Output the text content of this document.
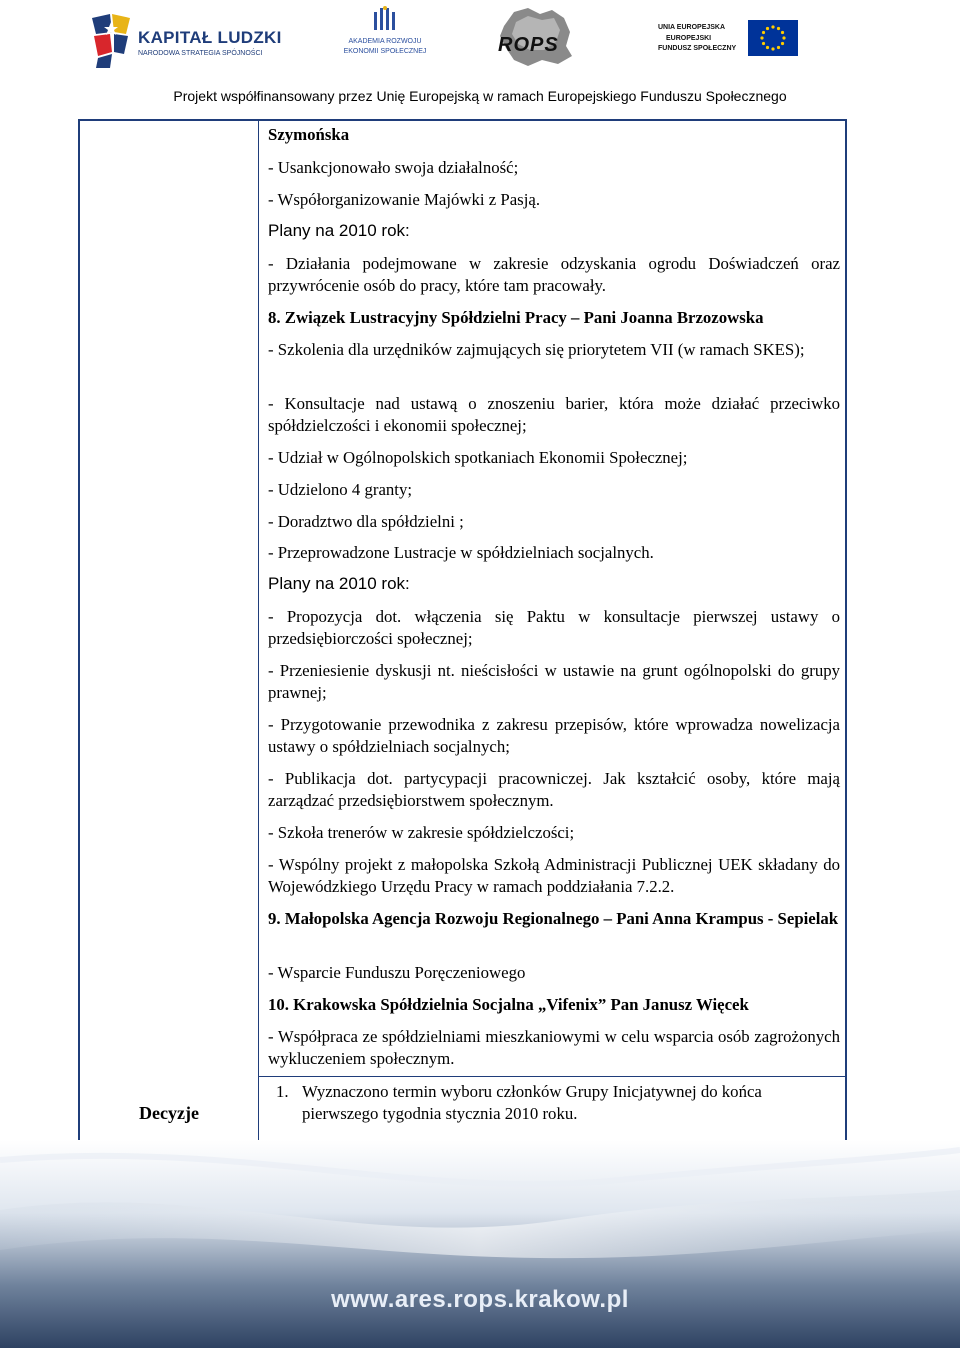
KAPITAŁ LUDZKI
NARODOWA STRATEGIA SPÓJNOŚCI
AKADEMIA ROZWOJU
EKONOMII SPOŁECZNEJ	ROPS
UNIA EUROPEJSKA
EUROPEJSKI
FUNDUSZ SPOŁECZNY
Projekt współfinansowany przez Unię Europejską w ramach Europejskiego Funduszu Społecznego
Decyzje
Szymońska
- Usankcjonowało swoja działalność;
- Współorganizowanie Majówki z Pasją.
Plany na 2010 rok:
- Działania podejmowane w zakresie odzyskania ogrodu Doświadczeń oraz przywrócenie osób do pracy, które tam pracowały.
8. Związek Lustracyjny Spółdzielni Pracy – Pani Joanna Brzozowska
- Szkolenia dla urzędników zajmujących się priorytetem VII (w ramach SKES);
- Konsultacje nad ustawą o znoszeniu barier, która może działać przeciwko spółdzielczości i ekonomii społecznej;
- Udział w Ogólnopolskich spotkaniach Ekonomii Społecznej;
- Udzielono 4 granty;
- Doradztwo dla spółdzielni ;
- Przeprowadzone Lustracje w spółdzielniach socjalnych.
Plany na 2010 rok:
- Propozycja dot. włączenia się Paktu w konsultacje pierwszej ustawy o przedsiębiorczości społecznej;
- Przeniesienie dyskusji nt. nieścisłości w ustawie na grunt ogólnopolski do grupy prawnej;
- Przygotowanie przewodnika z zakresu przepisów, które wprowadza nowelizacja ustawy o spółdzielniach socjalnych;
- Publikacja dot. partycypacji pracowniczej. Jak kształcić osoby, które mają zarządzać przedsiębiorstwem społecznym.
- Szkoła trenerów w zakresie spółdzielczości;
- Wspólny projekt z małopolska Szkołą Administracji Publicznej UEK składany do Wojewódzkiego Urzędu Pracy w ramach poddziałania 7.2.2.
9. Małopolska Agencja Rozwoju Regionalnego – Pani Anna Krampus - Sepielak
- Wsparcie Funduszu Poręczeniowego
10. Krakowska Spółdzielnia Socjalna „Vifenix” Pan Janusz Więcek
- Współpraca ze spółdzielniami mieszkaniowymi w celu wsparcia osób zagrożonych wykluczeniem społecznym.
1. Wyznaczono termin wyboru członków Grupy Inicjatywnej do końca pierwszego tygodnia stycznia 2010 roku.
www.ares.rops.krakow.pl
